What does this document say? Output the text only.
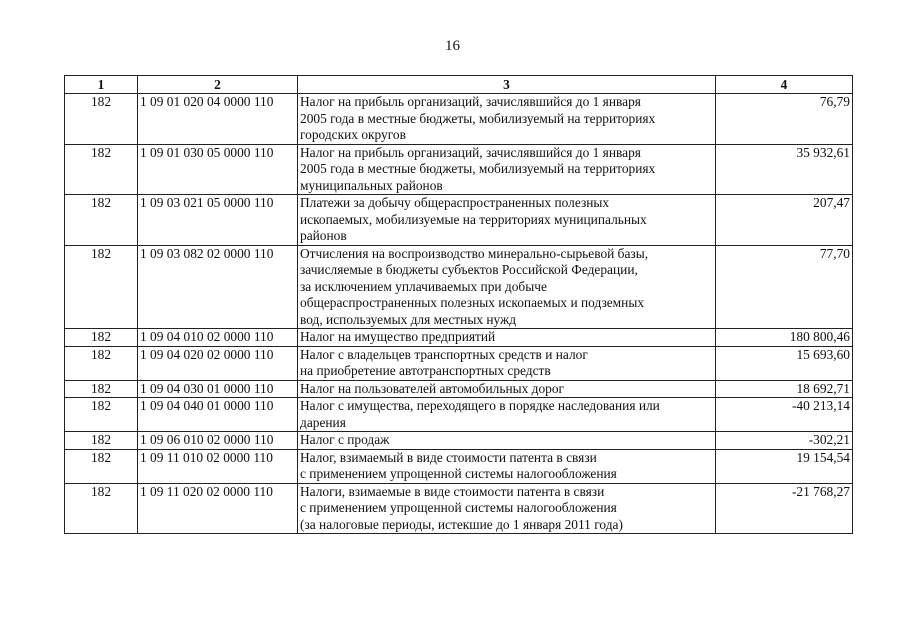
16
1	2	3	4
182	1 09 01 020 04 0000 110	Налог на прибыль организаций, зачислявшийся до 1 января
2005 года в местные бюджеты, мобилизуемый на территориях
городских округов	76,79
182	1 09 01 030 05 0000 110	Налог на прибыль организаций, зачислявшийся до 1 января
2005 года в местные бюджеты, мобилизуемый на территориях
муниципальных районов	35 932,61
182	1 09 03 021 05 0000 110	Платежи за добычу общераспространенных полезных
ископаемых, мобилизуемые на территориях муниципальных
районов	207,47
182	1 09 03 082 02 0000 110	Отчисления на воспроизводство минерально-сырьевой базы,
зачисляемые в бюджеты субъектов Российской Федерации,
за исключением уплачиваемых при добыче
общераспространенных полезных ископаемых и подземных
вод, используемых для местных нужд	77,70
182	1 09 04 010 02 0000 110	Налог на имущество предприятий	180 800,46
182	1 09 04 020 02 0000 110	Налог с владельцев транспортных средств и налог
на приобретение автотранспортных средств	15 693,60
182	1 09 04 030 01 0000 110	Налог на пользователей автомобильных дорог	18 692,71
182	1 09 04 040 01 0000 110	Налог с имущества, переходящего в порядке наследования или
дарения	-40 213,14
182	1 09 06 010 02 0000 110	Налог с продаж	-302,21
182	1 09 11 010 02 0000 110	Налог, взимаемый в виде стоимости патента в связи
с применением упрощенной системы налогообложения	19 154,54
182	1 09 11 020 02 0000 110	Налоги, взимаемые в виде стоимости патента в связи
с применением упрощенной системы налогообложения
(за налоговые периоды, истекшие до 1 января 2011 года)	-21 768,27
